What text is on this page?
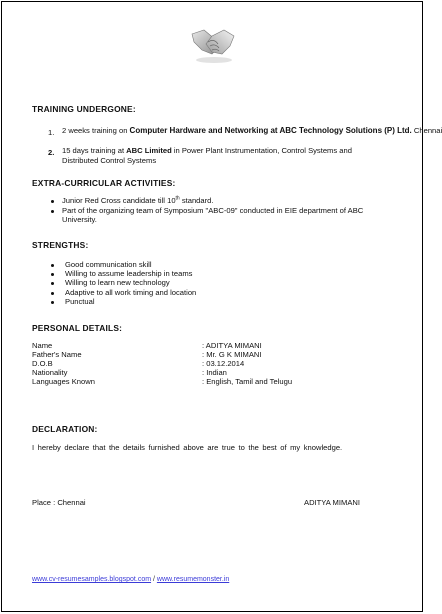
TRAINING UNDERGONE:
1. 2 weeks training on Computer Hardware and Networking at ABC Technology Solutions (P) Ltd. Chennai
2. 15 days training at ABC Limited in Power Plant Instrumentation, Control Systems and
Distributed Control Systems
EXTRA-CURRICULAR ACTIVITIES:
Junior Red Cross candidate till 10th standard.
Part of the organizing team of Symposium "ABC-09" conducted in EIE department of ABC
University.
STRENGTHS:
Good communication skill
Willing to assume leadership in teams
Willing to learn new technology
Adaptive to all work timing and location
Punctual
PERSONAL DETAILS:
Name	: ADITYA MIMANI
Father's Name	: Mr. G K MIMANI
D.O.B	: 03.12.2014
Nationality	: Indian
Languages Known	: English, Tamil and Telugu
DECLARATION:
I hereby declare that the details furnished above are true to the best of my knowledge.
Place : Chennai	ADITYA MIMANI
www.cv-resumesamples.blogspot.com / www.resumemonster.in
